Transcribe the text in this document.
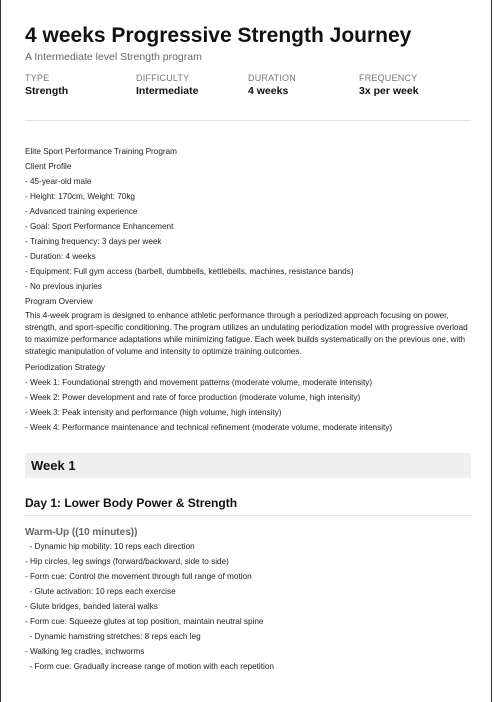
4 weeks Progressive Strength Journey
A Intermediate level Strength program
TYPE
Strength
DIFFICULTY
Intermediate
DURATION
4 weeks
FREQUENCY
3x per week
Elite Sport Performance Training Program
Client Profile
- 45-year-old male
- Height: 170cm, Weight: 70kg
- Advanced training experience
- Goal: Sport Performance Enhancement
- Training frequency: 3 days per week
- Duration: 4 weeks
- Equipment: Full gym access (barbell, dumbbells, kettlebells, machines, resistance bands)
- No previous injuries
Program Overview
This 4-week program is designed to enhance athletic performance through a periodized approach focusing on power, strength, and sport-specific conditioning. The program utilizes an undulating periodization model with progressive overload to maximize performance adaptations while minimizing fatigue. Each week builds systematically on the previous one, with strategic manipulation of volume and intensity to optimize training outcomes.
Periodization Strategy
- Week 1: Foundational strength and movement patterns (moderate volume, moderate intensity)
- Week 2: Power development and rate of force production (moderate volume, high intensity)
- Week 3: Peak intensity and performance (high volume, high intensity)
- Week 4: Performance maintenance and technical refinement (moderate volume, moderate intensity)
Week 1
Day 1: Lower Body Power & Strength
Warm-Up ((10 minutes))
- Dynamic hip mobility: 10 reps each direction
- Hip circles, leg swings (forward/backward, side to side)
- Form cue: Control the movement through full range of motion
- Glute activation: 10 reps each exercise
- Glute bridges, banded lateral walks
- Form cue: Squeeze glutes at top position, maintain neutral spine
- Dynamic hamstring stretches: 8 reps each leg
- Walking leg cradles, inchworms
- Form cue: Gradually increase range of motion with each repetition
